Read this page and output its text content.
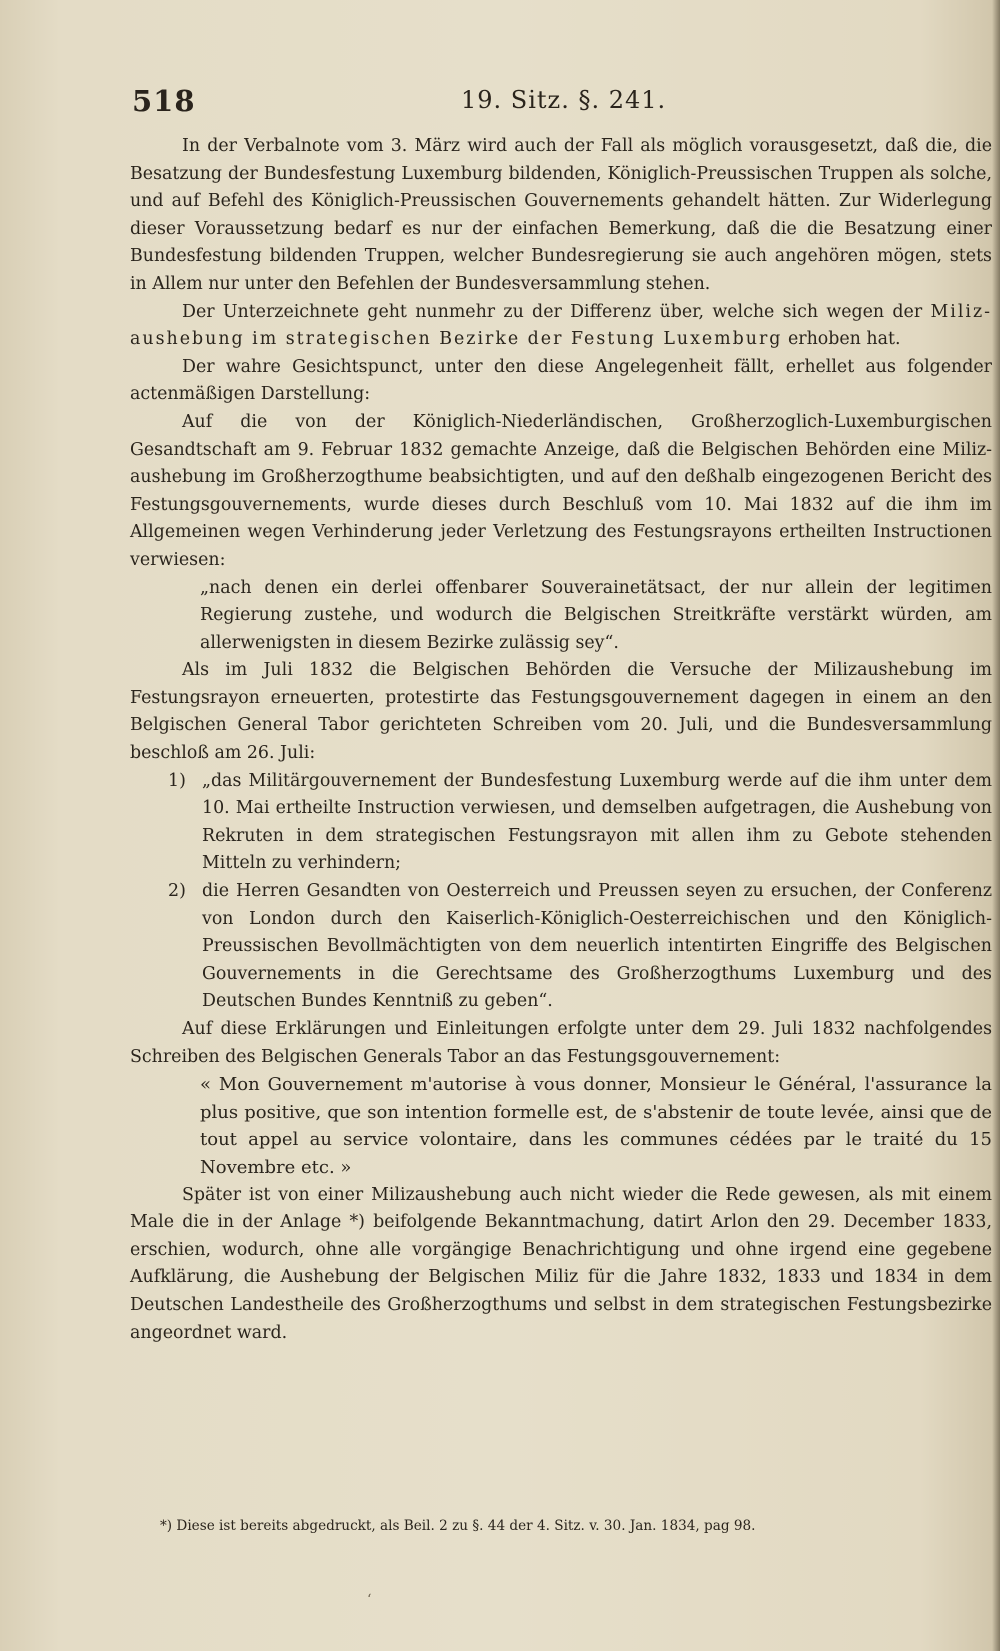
518	19. Sitz. §. 241.

In der Verbalnote vom 3. März wird auch der Fall als möglich vorausgesetzt, daß die, die Besatzung der Bundesfestung Luxemburg bildenden, Königlich-Preussischen Truppen als solche, und auf Befehl des Königlich-Preussischen Gouvernements gehandelt hätten. Zur Widerlegung dieser Voraussetzung bedarf es nur der einfachen Bemerkung, daß die die Besatzung einer Bundesfestung bildenden Truppen, welcher Bundesregierung sie auch angehören mögen, stets in Allem nur unter den Befehlen der Bundesversammlung stehen.

Der Unterzeichnete geht nunmehr zu der Differenz über, welche sich wegen der Miliz-aushebung im strategischen Bezirke der Festung Luxemburg erhoben hat.

Der wahre Gesichtspunct, unter den diese Angelegenheit fällt, erhellet aus folgender actenmäßigen Darstellung:

Auf die von der Königlich-Niederländischen, Großherzoglich-Luxemburgischen Gesandtschaft am 9. Februar 1832 gemachte Anzeige, daß die Belgischen Behörden eine Miliz-aushebung im Großherzogthume beabsichtigten, und auf den deßhalb eingezogenen Bericht des Festungsgouvernements, wurde dieses durch Beschluß vom 10. Mai 1832 auf die ihm im Allgemeinen wegen Verhinderung jeder Verletzung des Festungsrayons ertheilten Instructionen verwiesen:

„nach denen ein derlei offenbarer Souverainetätsact, der nur allein der legitimen Regierung zustehe, und wodurch die Belgischen Streitkräfte verstärkt würden, am allerwenigsten in diesem Bezirke zulässig sey“.

Als im Juli 1832 die Belgischen Behörden die Versuche der Milizaushebung im Festungsrayon erneuerten, protestirte das Festungsgouvernement dagegen in einem an den Belgischen General Tabor gerichteten Schreiben vom 20. Juli, und die Bundesversammlung beschloß am 26. Juli:

1) „das Militärgouvernement der Bundesfestung Luxemburg werde auf die ihm unter dem 10. Mai ertheilte Instruction verwiesen, und demselben aufgetragen, die Aushebung von Rekruten in dem strategischen Festungsrayon mit allen ihm zu Gebote stehenden Mitteln zu verhindern;

2) die Herren Gesandten von Oesterreich und Preussen seyen zu ersuchen, der Conferenz von London durch den Kaiserlich-Königlich-Oesterreichischen und den Königlich-Preussischen Bevollmächtigten von dem neuerlich intentirten Eingriffe des Belgischen Gouvernements in die Gerechtsame des Großherzogthums Luxemburg und des Deutschen Bundes Kenntniß zu geben“.

Auf diese Erklärungen und Einleitungen erfolgte unter dem 29. Juli 1832 nachfolgendes Schreiben des Belgischen Generals Tabor an das Festungsgouvernement:

« Mon Gouvernement m'autorise à vous donner, Monsieur le Général, l'assurance la plus positive, que son intention formelle est, de s'abstenir de toute levée, ainsi que de tout appel au service volontaire, dans les communes cédées par le traité du 15 Novembre etc. »

Später ist von einer Milizaushebung auch nicht wieder die Rede gewesen, als mit einem Male die in der Anlage *) beifolgende Bekanntmachung, datirt Arlon den 29. December 1833, erschien, wodurch, ohne alle vorgängige Benachrichtigung und ohne irgend eine gegebene Aufklärung, die Aushebung der Belgischen Miliz für die Jahre 1832, 1833 und 1834 in dem Deutschen Landestheile des Großherzogthums und selbst in dem strategischen Festungsbezirke angeordnet ward.

*) Diese ist bereits abgedruckt, als Beil. 2 zu §. 44 der 4. Sitz. v. 30. Jan. 1834, pag 98.
‘
